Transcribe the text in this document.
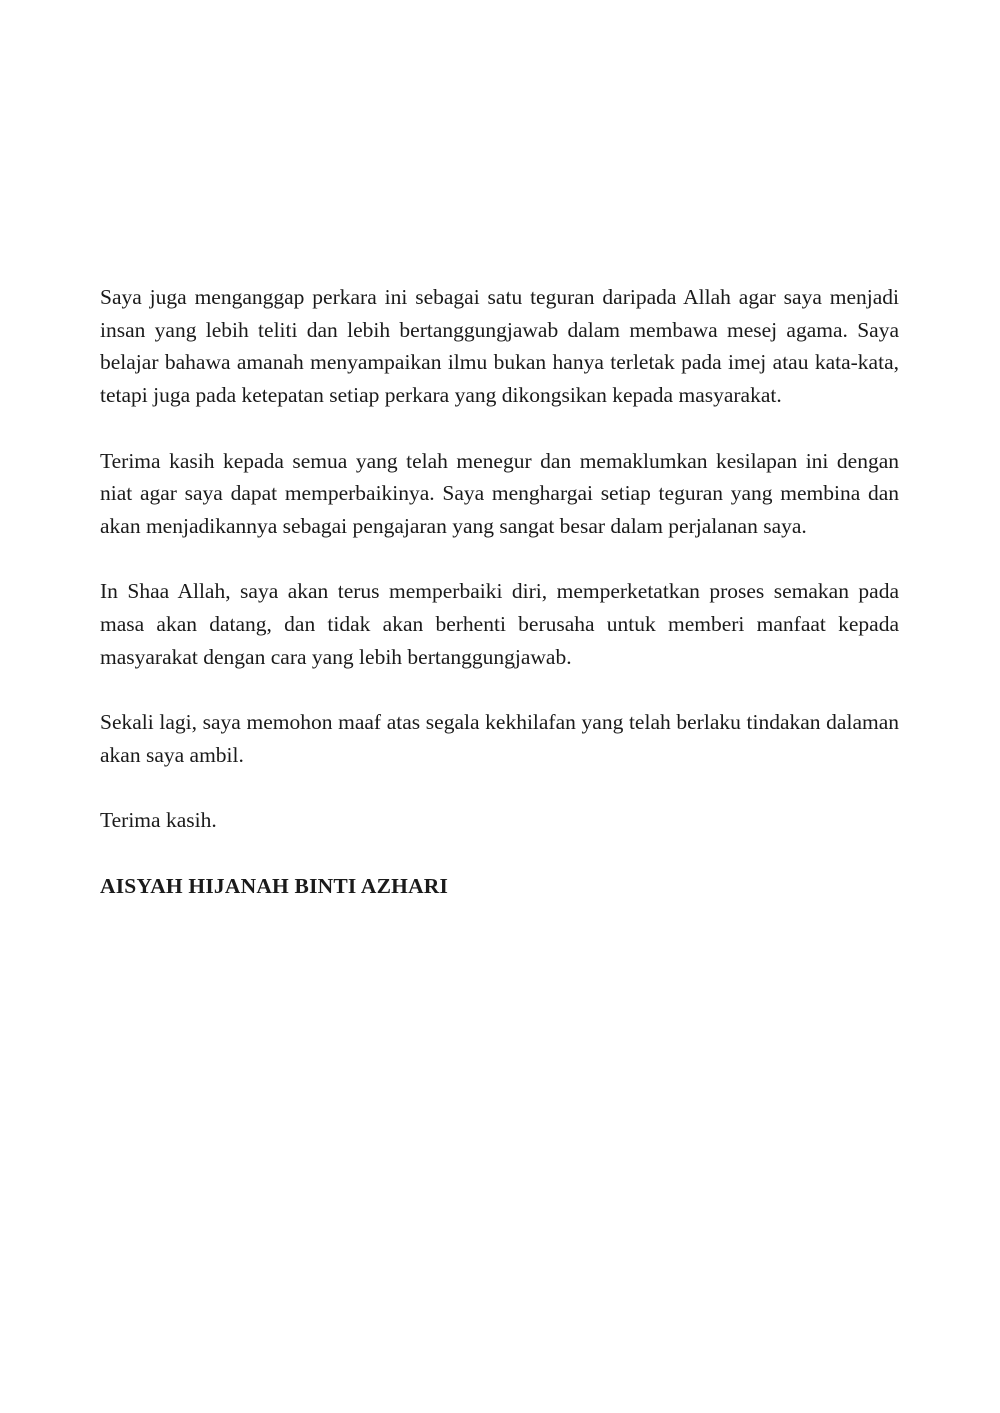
Saya juga menganggap perkara ini sebagai satu teguran daripada Allah agar saya menjadi insan yang lebih teliti dan lebih bertanggungjawab dalam membawa mesej agama. Saya belajar bahawa amanah menyampaikan ilmu bukan hanya terletak pada imej atau kata-kata, tetapi juga pada ketepatan setiap perkara yang dikongsikan kepada masyarakat.

Terima kasih kepada semua yang telah menegur dan memaklumkan kesilapan ini dengan niat agar saya dapat memperbaikinya. Saya menghargai setiap teguran yang membina dan akan menjadikannya sebagai pengajaran yang sangat besar dalam perjalanan saya.

In Shaa Allah, saya akan terus memperbaiki diri, memperketatkan proses semakan pada masa akan datang, dan tidak akan berhenti berusaha untuk memberi manfaat kepada masyarakat dengan cara yang lebih bertanggungjawab.

Sekali lagi, saya memohon maaf atas segala kekhilafan yang telah berlaku tindakan dalaman akan saya ambil.

Terima kasih.

AISYAH HIJANAH BINTI AZHARI
